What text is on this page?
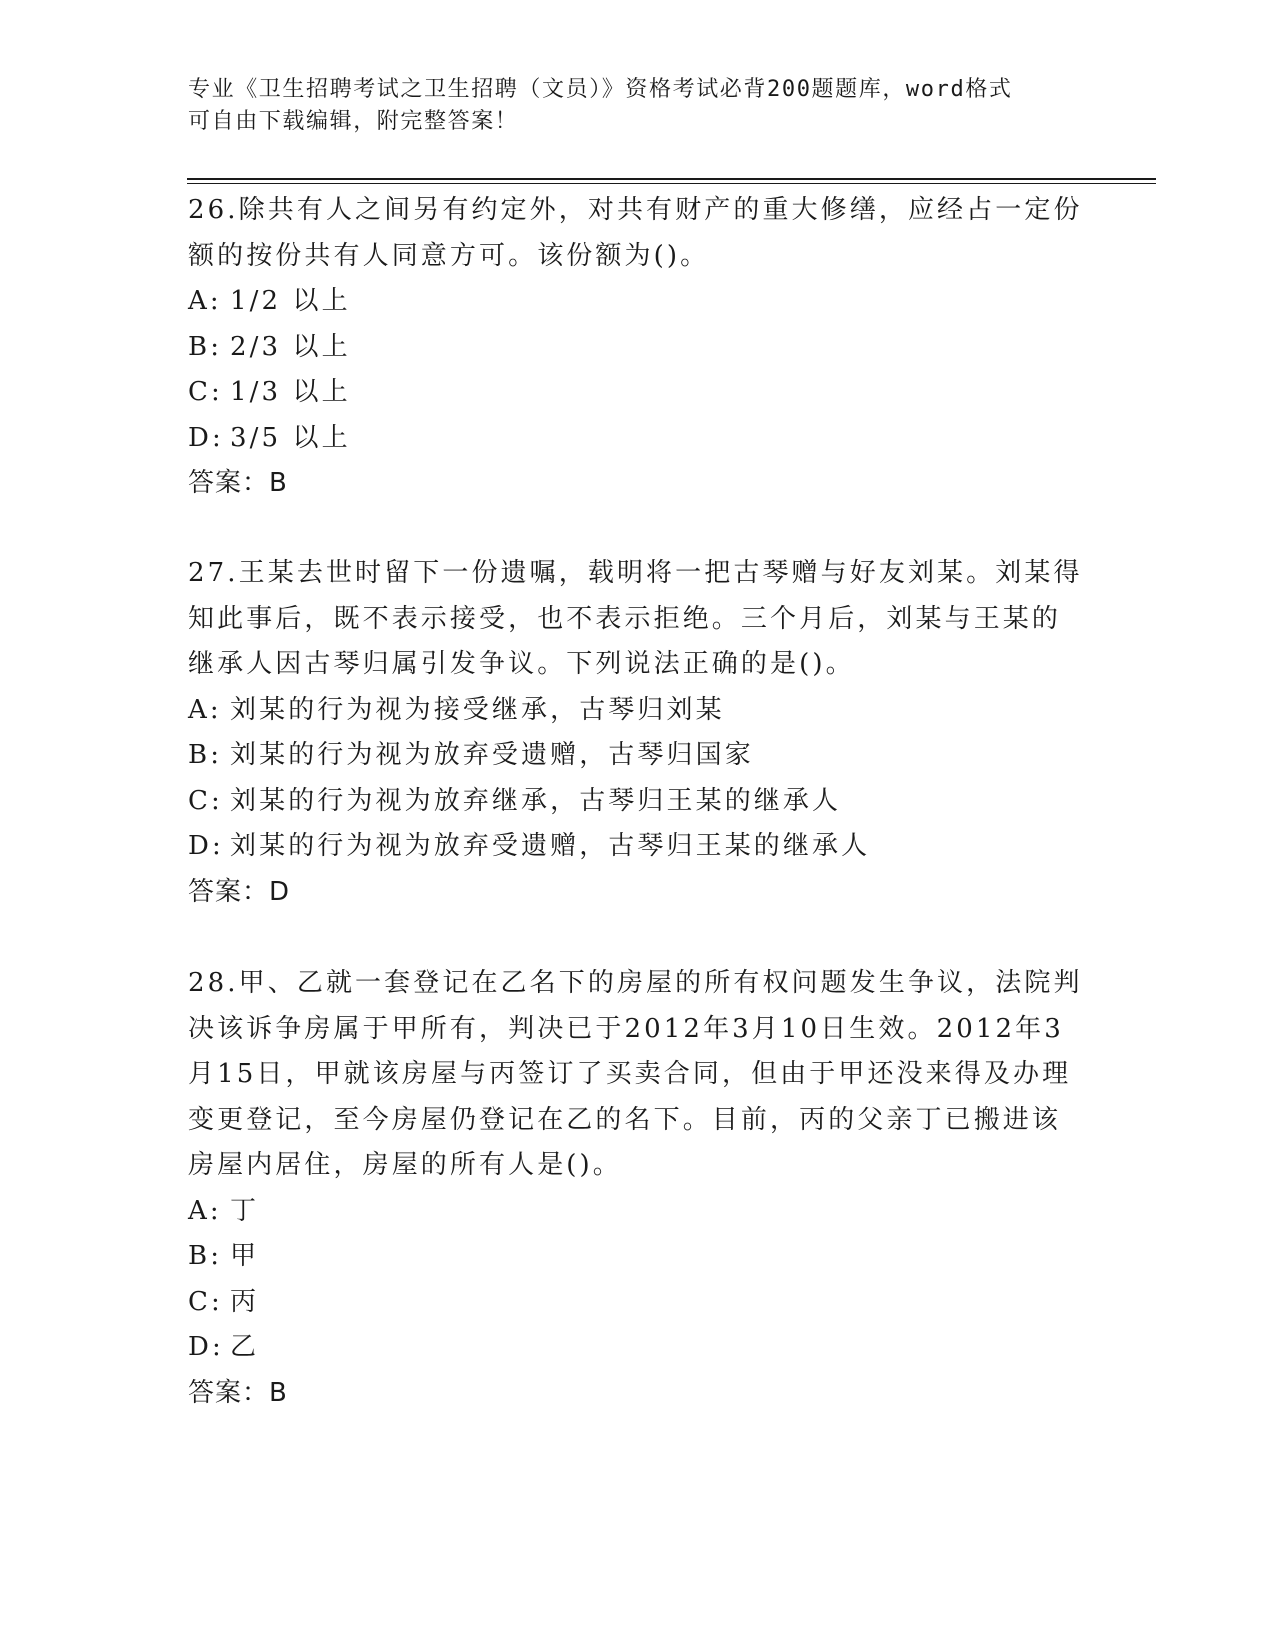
专业《卫生招聘考试之卫生招聘（文员）》资格考试必背200题题库，word格式
可自由下载编辑，附完整答案！

26.除共有人之间另有约定外，对共有财产的重大修缮，应经占一定份额的按份共有人同意方可。该份额为()。

A: 1/2 以上

B: 2/3 以上

C: 1/3 以上

D: 3/5 以上

答案：B

27.王某去世时留下一份遗嘱，载明将一把古琴赠与好友刘某。刘某得知此事后，既不表示接受，也不表示拒绝。三个月后，刘某与王某的继承人因古琴归属引发争议。下列说法正确的是()。

A: 刘某的行为视为接受继承，古琴归刘某

B: 刘某的行为视为放弃受遗赠，古琴归国家

C: 刘某的行为视为放弃继承，古琴归王某的继承人

D: 刘某的行为视为放弃受遗赠，古琴归王某的继承人

答案：D

28.甲、乙就一套登记在乙名下的房屋的所有权问题发生争议，法院判决该诉争房属于甲所有，判决已于2012年3月10日生效。2012年3月15日，甲就该房屋与丙签订了买卖合同，但由于甲还没来得及办理变更登记，至今房屋仍登记在乙的名下。目前，丙的父亲丁已搬进该房屋内居住，房屋的所有人是()。

A: 丁

B: 甲

C: 丙

D: 乙

答案：B
